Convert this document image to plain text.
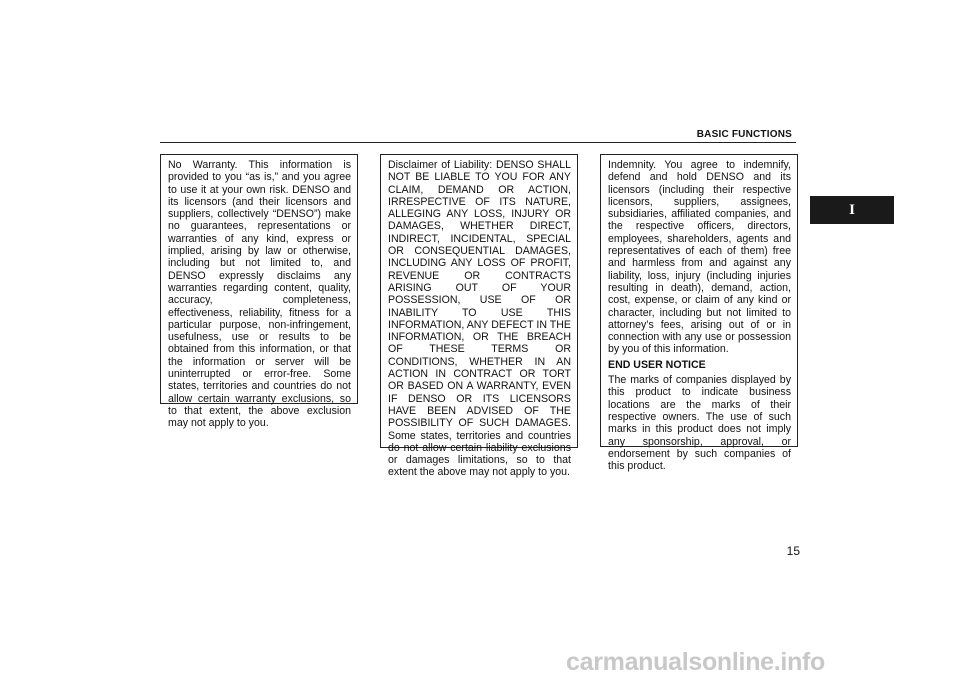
BASIC FUNCTIONS
I

No Warranty. This information is provided to you “as is,” and you agree to use it at your own risk. DENSO and its licensors (and their licensors and suppliers, collectively “DENSO”) make no guarantees, representations or warranties of any kind, express or implied, arising by law or otherwise, including but not limited to, and DENSO expressly disclaims any warranties regarding content, quality, accuracy, completeness, effectiveness, reliability, fitness for a particular purpose, non-infringement, usefulness, use or results to be obtained from this information, or that the information or server will be uninterrupted or error-free. Some states, territories and countries do not allow certain warranty exclusions, so to that extent, the above exclusion may not apply to you.

Disclaimer of Liability: DENSO SHALL NOT BE LIABLE TO YOU FOR ANY CLAIM, DEMAND OR ACTION, IRRESPECTIVE OF ITS NATURE, ALLEGING ANY LOSS, INJURY OR DAMAGES, WHETHER DIRECT, INDIRECT, INCIDENTAL, SPECIAL OR CONSEQUENTIAL DAMAGES, INCLUDING ANY LOSS OF PROFIT, REVENUE OR CONTRACTS ARISING OUT OF YOUR POSSESSION, USE OF OR INABILITY TO USE THIS INFORMATION, ANY DEFECT IN THE INFORMATION, OR THE BREACH OF THESE TERMS OR CONDITIONS, WHETHER IN AN ACTION IN CONTRACT OR TORT OR BASED ON A WARRANTY, EVEN IF DENSO OR ITS LICENSORS HAVE BEEN ADVISED OF THE POSSIBILITY OF SUCH DAMAGES. Some states, territories and countries do not allow certain liability exclusions or damages limitations, so to that extent the above may not apply to you.

Indemnity. You agree to indemnify, defend and hold DENSO and its licensors (including their respective licensors, suppliers, assignees, subsidiaries, affiliated companies, and the respective officers, directors, employees, shareholders, agents and representatives of each of them) free and harmless from and against any liability, loss, injury (including injuries resulting in death), demand, action, cost, expense, or claim of any kind or character, including but not limited to attorney’s fees, arising out of or in connection with any use or possession by you of this information.

END USER NOTICE

The marks of companies displayed by this product to indicate business locations are the marks of their respective owners. The use of such marks in this product does not imply any sponsorship, approval, or endorsement by such companies of this product.

15
carmanualsonline.info
